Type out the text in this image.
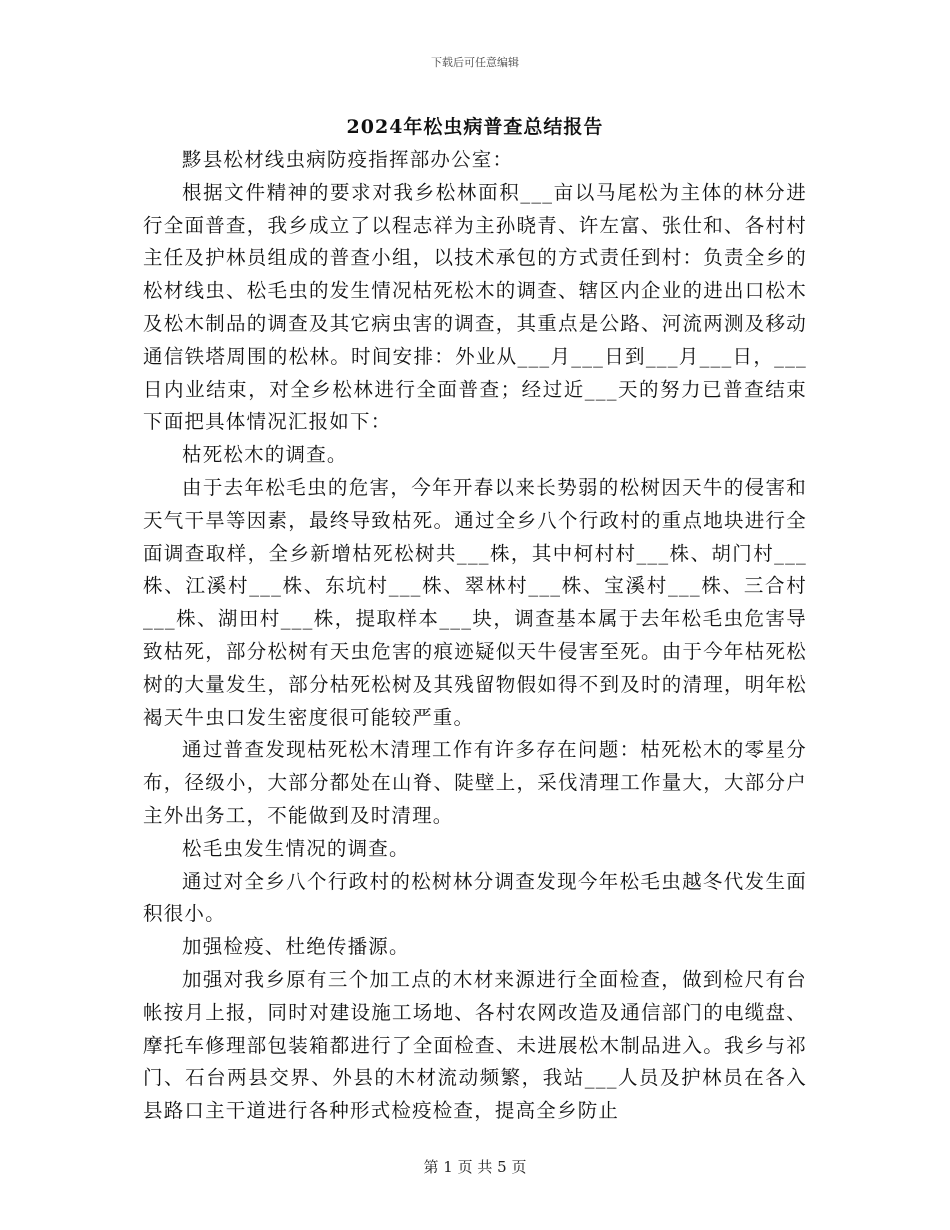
下载后可任意编辑
2024年松虫病普查总结报告

黟县松材线虫病防疫指挥部办公室：

根据文件精神的要求对我乡松林面积___亩以马尾松为主体的林分进行全面普查，我乡成立了以程志祥为主孙晓青、许左富、张仕和、各村村主任及护林员组成的普查小组，以技术承包的方式责任到村：负责全乡的松材线虫、松毛虫的发生情况枯死松木的调查、辖区内企业的进出口松木及松木制品的调查及其它病虫害的调查，其重点是公路、河流两测及移动通信铁塔周围的松林。时间安排：外业从___月___日到___月___日，___日内业结束，对全乡松林进行全面普查；经过近___天的努力已普查结束下面把具体情况汇报如下：

枯死松木的调查。

由于去年松毛虫的危害，今年开春以来长势弱的松树因天牛的侵害和天气干旱等因素，最终导致枯死。通过全乡八个行政村的重点地块进行全面调查取样，全乡新增枯死松树共___株，其中柯村村___株、胡门村___株、江溪村___株、东坑村___株、翠林村___株、宝溪村___株、三合村___株、湖田村___株，提取样本___块，调查基本属于去年松毛虫危害导致枯死，部分松树有天虫危害的痕迹疑似天牛侵害至死。由于今年枯死松树的大量发生，部分枯死松树及其残留物假如得不到及时的清理，明年松褐天牛虫口发生密度很可能较严重。

通过普查发现枯死松木清理工作有许多存在问题：枯死松木的零星分布，径级小，大部分都处在山脊、陡壁上，采伐清理工作量大，大部分户主外出务工，不能做到及时清理。

松毛虫发生情况的调查。

通过对全乡八个行政村的松树林分调查发现今年松毛虫越冬代发生面积很小。

加强检疫、杜绝传播源。

加强对我乡原有三个加工点的木材来源进行全面检查，做到检尺有台帐按月上报，同时对建设施工场地、各村农网改造及通信部门的电缆盘、摩托车修理部包装箱都进行了全面检查、未进展松木制品进入。我乡与祁门、石台两县交界、外县的木材流动频繁，我站___人员及护林员在各入县路口主干道进行各种形式检疫检查，提高全乡防止

第 1 页 共 5 页
